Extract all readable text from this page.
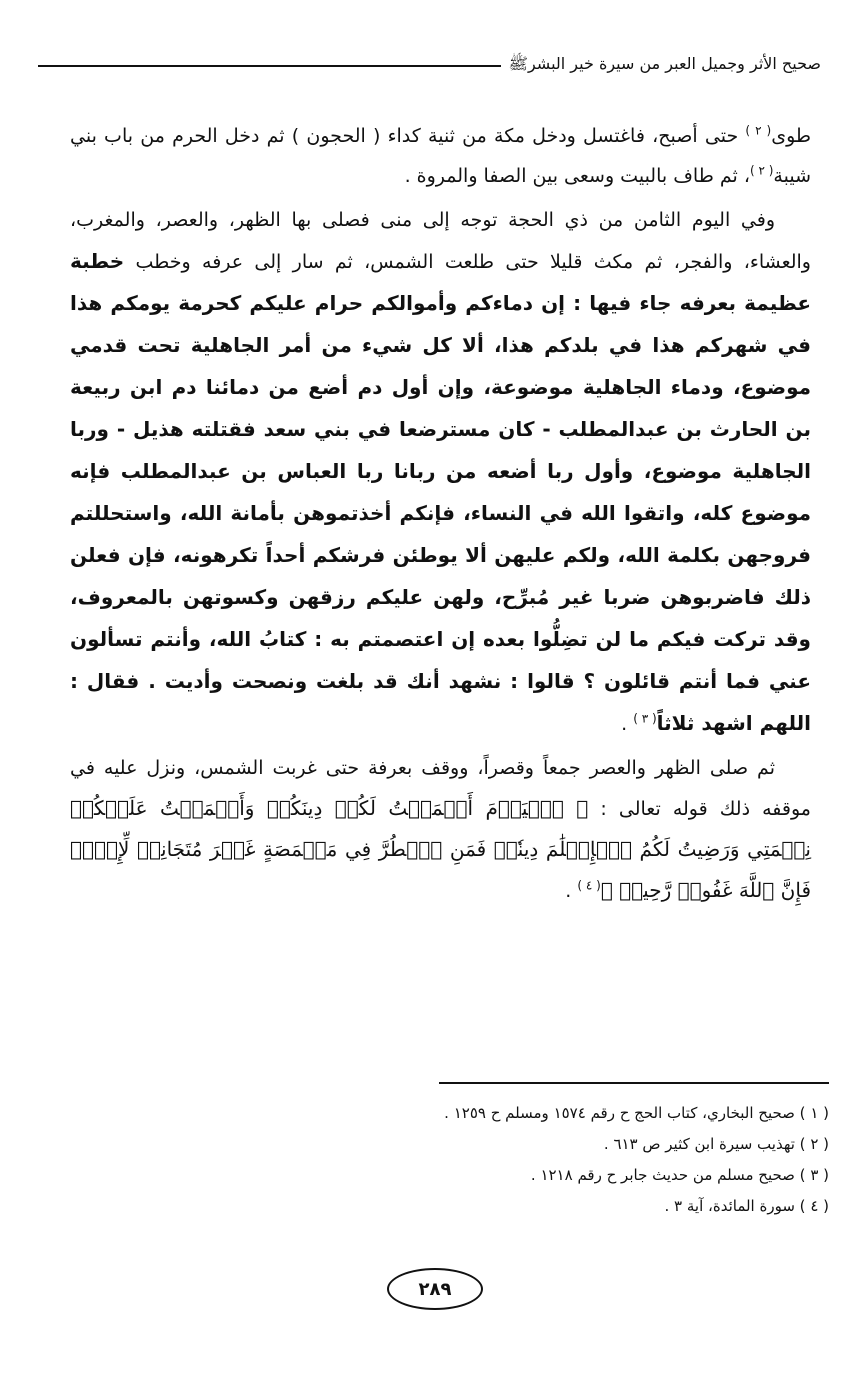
صحيح الأثر وجميل العبر من سيرة خير البشرﷺ

طوى$^{( ٢ )}$ حتى أصبح، فاغتسل ودخل مكة من ثنية كداء ( الحجون ) ثم دخل الحرم من باب بني شيبة$^{( ٢ )}$، ثم طاف بالبيت وسعى بين الصفا والمروة .

وفي اليوم الثامن من ذي الحجة توجه إلى منى فصلى بها الظهر، والعصر، والمغرب، والعشاء، والفجر، ثم مكث قليلا حتى طلعت الشمس، ثم سار إلى عرفه وخطب خطبة عظيمة بعرفه جاء فيها : إن دماءكم وأموالكم حرام عليكم كحرمة يومكم هذا في شهركم هذا في بلدكم هذا، ألا كل شيء من أمر الجاهلية تحت قدمي موضوع، ودماء الجاهلية موضوعة، وإن أول دم أضع من دمائنا دم ابن ربيعة بن الحارث بن عبدالمطلب - كان مسترضعا في بني سعد فقتلته هذيل - وربا الجاهلية موضوع، وأول ربا أضعه من ربانا ربا العباس بن عبدالمطلب فإنه موضوع كله، واتقوا الله في النساء، فإنكم أخذتموهن بأمانة الله، واستحللتم فروجهن بكلمة الله، ولكم عليهن ألا يوطئن فرشكم أحداً تكرهونه، فإن فعلن ذلك فاضربوهن ضربا غير مُبرِّح، ولهن عليكم رزقهن وكسوتهن بالمعروف، وقد تركت فيكم ما لن تضِلُّوا بعده إن اعتصمتم به : كتابُ الله، وأنتم تسألون عني فما أنتم قائلون ؟ قالوا : نشهد أنك قد بلغت ونصحت وأديت . فقال : اللهم اشهد ثلاثاً$^{( ٣ )}$ .

ثم صلى الظهر والعصر جمعاً وقصراً، ووقف بعرفة حتى غربت الشمس، ونزل عليه في موقفه ذلك قوله تعالى : ﴿ ٱلۡيَوۡمَ أَكۡمَلۡتُ لَكُمۡ دِينَكُمۡ وَأَتۡمَمۡتُ عَلَيۡكُمۡ نِعۡمَتِي وَرَضِيتُ لَكُمُ ٱلۡإِسۡلَٰمَ دِينٗاۚ فَمَنِ ٱضۡطُرَّ فِي مَخۡمَصَةٍ غَيۡرَ مُتَجَانِفٖ لِّإِثۡمٖ فَإِنَّ ٱللَّهَ غَفُورٞ رَّحِيمٞ ﴾$^{( ٤ )}$ .

( ١ ) صحيح البخاري، كتاب الحج ح رقم ١٥٧٤ ومسلم ح ١٢٥٩ .
( ٢ ) تهذيب سيرة ابن كثير ص ٦١٣ .
( ٣ ) صحيح مسلم من حديث جابر ح رقم ١٢١٨ .
( ٤ ) سورة المائدة، آية ٣ .
٢٨٩
